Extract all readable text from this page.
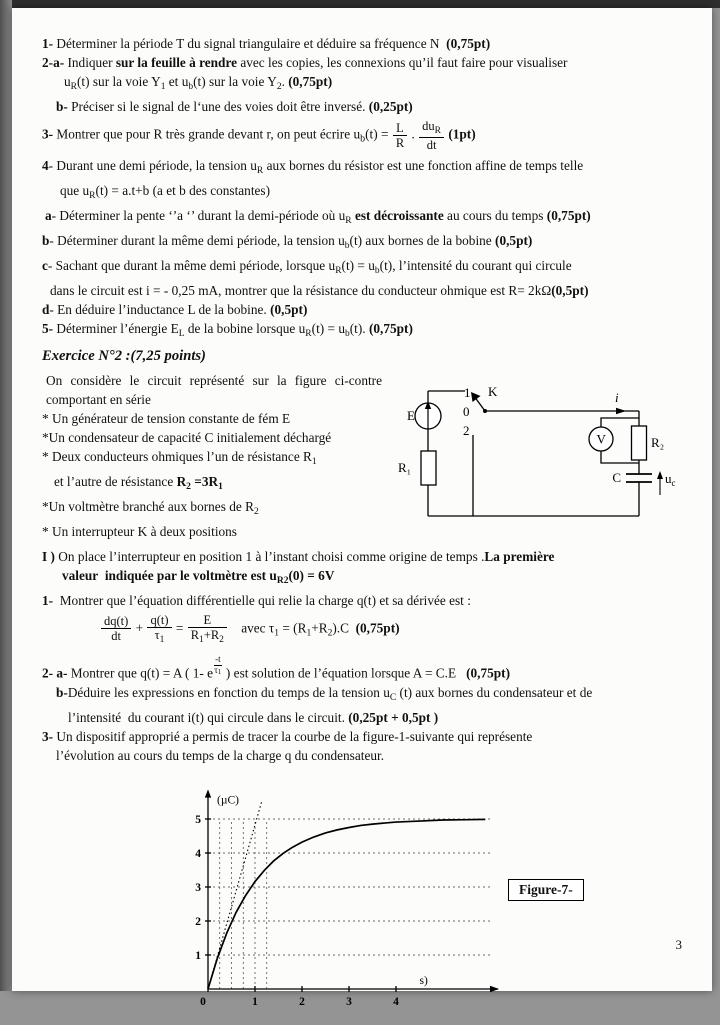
1- Déterminer la période T du signal triangulaire et déduire sa fréquence N  (0,75pt)
2-a- Indiquer sur la feuille à rendre avec les copies, les connexions qu’il faut faire pour visualiser
$u_R(t)$ sur la voie $Y_1$ et $u_b(t)$ sur la voie $Y_2$. (0,75pt)
b- Préciser si le signal de l‘une des voies doit être inversé. (0,25pt)
3- Montrer que pour R très grande devant r, on peut écrire $u_b(t) = \frac{L}{R}$ . $\frac{du_R}{dt} (1pt)$
4- Durant une demi période, la tension $u_R$ aux bornes du résistor est une fonction affine de temps telle
que $u_R(t) = a.t+b$ (a et b des constantes)
a- Déterminer la pente ‘’a ‘’ durant la demi-période où $u_R$ est décroissante au cours du temps (0,75pt)
b- Déterminer durant la même demi période, la tension $u_b(t)$ aux bornes de la bobine (0,5pt)
c- Sachant que durant la même demi période, lorsque $u_R(t) = u_b(t)$, l’intensité du courant qui circule
dans le circuit est i = - 0,25 mA, montrer que la résistance du conducteur ohmique est R= 2kΩ(0,5pt)
d- En déduire l’inductance L de la bobine. (0,5pt)
5- Déterminer l’énergie $E_L$ de la bobine lorsque $u_R(t) = u_b(t)$. (0,75pt)
Exercice N°2 :(7,25 points)
On considère le circuit représenté sur la figure ci-contre comportant en série
* Un générateur de tension constante de fém E
*Un condensateur de capacité C initialement déchargé
* Deux conducteurs ohmiques l’un de résistance $R_1$
et l’autre de résistance $R_2 =3R_1$
*Un voltmètre branché aux bornes de $R_2$
* Un interrupteur K à deux positions
E
1
0
2
K
R₁
R₂
V
C	$u_c$
i
I ) On place l’interrupteur en position 1 à l’instant choisi comme origine de temps .La première
valeur  indiquée par le voltmètre est $u_{R2}(0) = 6V$
1-  Montrer que l’équation différentielle qui relie la charge q(t) et sa dérivée est :
$\frac{dq(t)}{dt} + \frac{q(t)}{\tau_1} = \frac{E}{R_1+R_2}$ avec $\tau_1 = (R_1+R_2).C$  (0,75pt)
2- a- Montrer que q(t) = A ( 1- e $\frac{-t}{\tau_1}$ ) est solution de l’équation lorsque A = C.E   (0,75pt)
b-Déduire les expressions en fonction du temps de la tension $u_C$ (t) aux bornes du condensateur et de
l’intensité  du courant i(t) qui circule dans le circuit. (0,25pt + 0,5pt )
3- Un dispositif approprié a permis de tracer la courbe de la figure-1-suivante qui représente
l’évolution au cours du temps de la charge q du condensateur.
1
2
3
4
5
0	1	2	3	4
(µC)
s)
Figure-7-
3
